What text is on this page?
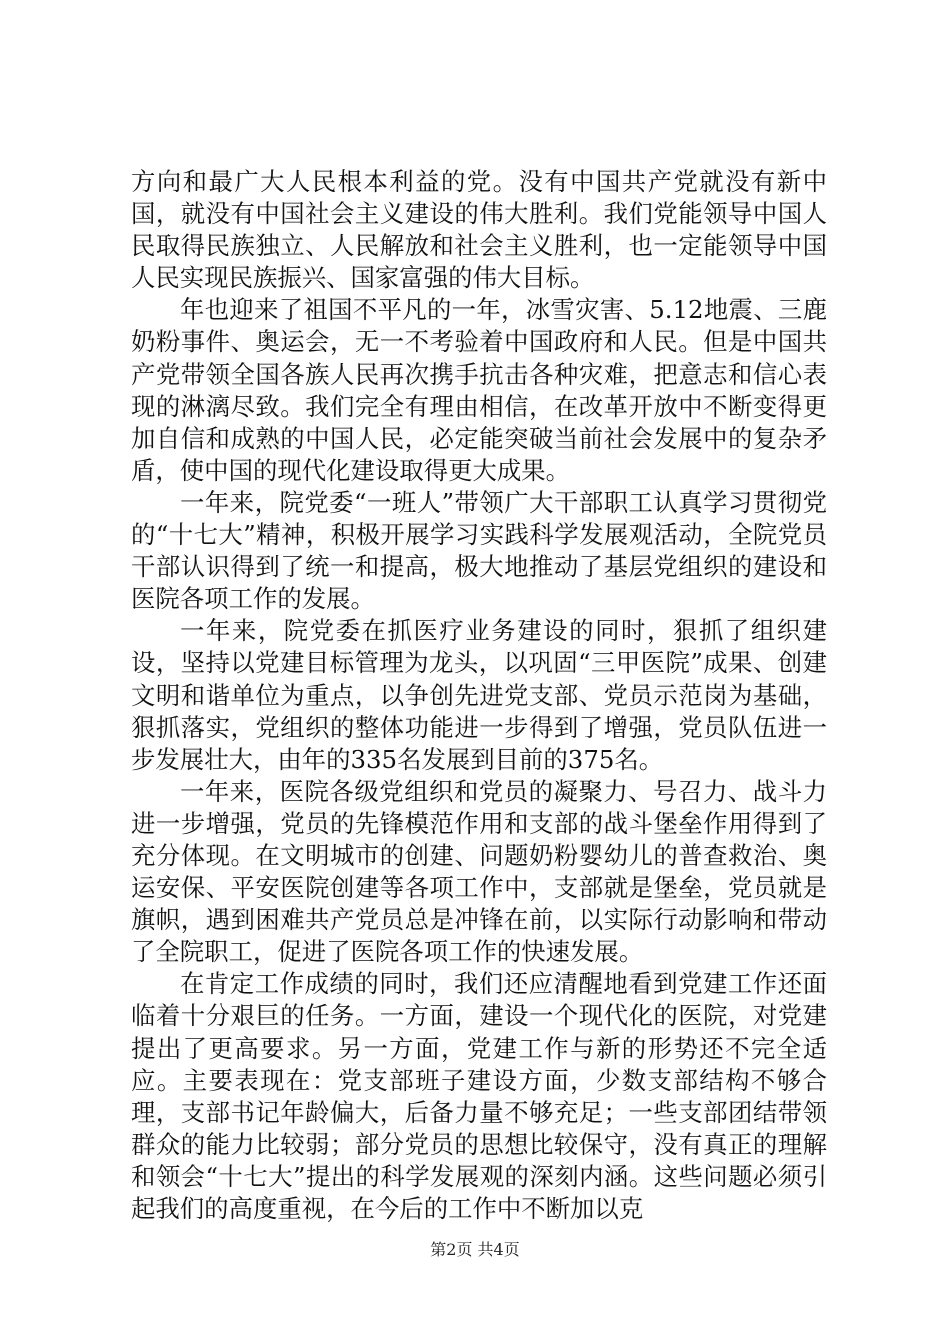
方向和最广大人民根本利益的党。没有中国共产党就没有新中国，就没有中国社会主义建设的伟大胜利。我们党能领导中国人民取得民族独立、人民解放和社会主义胜利，也一定能领导中国人民实现民族振兴、国家富强的伟大目标。

年也迎来了祖国不平凡的一年，冰雪灾害、5.12地震、三鹿奶粉事件、奥运会，无一不考验着中国政府和人民。但是中国共产党带领全国各族人民再次携手抗击各种灾难，把意志和信心表现的淋漓尽致。我们完全有理由相信，在改革开放中不断变得更加自信和成熟的中国人民，必定能突破当前社会发展中的复杂矛盾，使中国的现代化建设取得更大成果。

一年来，院党委“一班人”带领广大干部职工认真学习贯彻党的“十七大”精神，积极开展学习实践科学发展观活动，全院党员干部认识得到了统一和提高，极大地推动了基层党组织的建设和医院各项工作的发展。

一年来，院党委在抓医疗业务建设的同时，狠抓了组织建设，坚持以党建目标管理为龙头，以巩固“三甲医院”成果、创建文明和谐单位为重点，以争创先进党支部、党员示范岗为基础，狠抓落实，党组织的整体功能进一步得到了增强，党员队伍进一步发展壮大，由年的335名发展到目前的375名。

一年来，医院各级党组织和党员的凝聚力、号召力、战斗力进一步增强，党员的先锋模范作用和支部的战斗堡垒作用得到了充分体现。在文明城市的创建、问题奶粉婴幼儿的普查救治、奥运安保、平安医院创建等各项工作中，支部就是堡垒，党员就是旗帜，遇到困难共产党员总是冲锋在前，以实际行动影响和带动了全院职工，促进了医院各项工作的快速发展。

在肯定工作成绩的同时，我们还应清醒地看到党建工作还面临着十分艰巨的任务。一方面，建设一个现代化的医院，对党建提出了更高要求。另一方面，党建工作与新的形势还不完全适应。主要表现在：党支部班子建设方面，少数支部结构不够合理，支部书记年龄偏大，后备力量不够充足；一些支部团结带领群众的能力比较弱；部分党员的思想比较保守，没有真正的理解和领会“十七大”提出的科学发展观的深刻内涵。这些问题必须引起我们的高度重视，在今后的工作中不断加以克

第2页 共4页
